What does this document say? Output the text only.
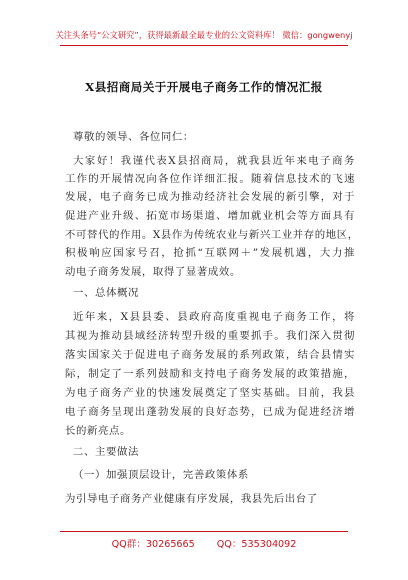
关注头条号“公文研究”，获得最新最全最专业的公文资料库！ 微信：gongwenyj
X县招商局关于开展电子商务工作的情况汇报
尊敬的领导、各位同仁：
大家好！我谨代表X县招商局，就我县近年来电子商务
工作的开展情况向各位作详细汇报。随着信息技术的飞速
发展，电子商务已成为推动经济社会发展的新引擎，对于
促进产业升级、拓宽市场渠道、增加就业机会等方面具有
不可替代的作用。X县作为传统农业与新兴工业并存的地区，
积极响应国家号召，抢抓“互联网＋”发展机遇，大力推
动电子商务发展，取得了显著成效。
一、总体概况
近年来，X县县委、县政府高度重视电子商务工作，将
其视为推动县域经济转型升级的重要抓手。我们深入贯彻
落实国家关于促进电子商务发展的系列政策，结合县情实
际，制定了一系列鼓励和支持电子商务发展的政策措施，
为电子商务产业的快速发展奠定了坚实基础。目前，我县
电子商务呈现出蓬勃发展的良好态势，已成为促进经济增
长的新亮点。
二、主要做法
（一）加强顶层设计，完善政策体系
为引导电子商务产业健康有序发展，我县先后出台了
QQ群：30265665 QQ：535304092
